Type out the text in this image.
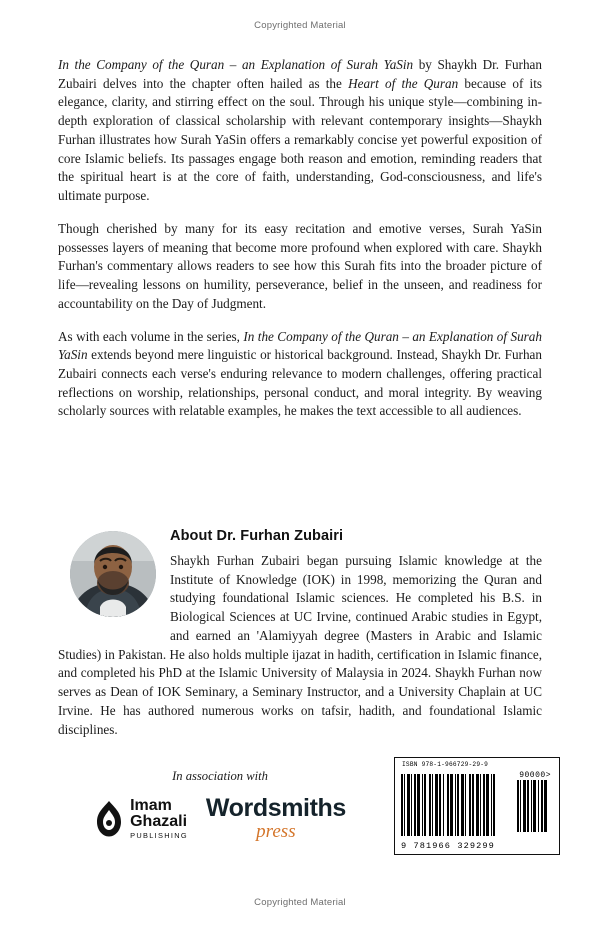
Copyrighted Material

In the Company of the Quran – an Explanation of Surah YaSin by Shaykh Dr. Furhan Zubairi delves into the chapter often hailed as the Heart of the Quran because of its elegance, clarity, and stirring effect on the soul. Through his unique style—combining in-depth exploration of classical scholarship with relevant contemporary insights—Shaykh Furhan illustrates how Surah YaSin offers a remarkably concise yet powerful exposition of core Islamic beliefs. Its passages engage both reason and emotion, reminding readers that the spiritual heart is at the core of faith, understanding, God-consciousness, and life's ultimate purpose.

Though cherished by many for its easy recitation and emotive verses, Surah YaSin possesses layers of meaning that become more profound when explored with care. Shaykh Furhan's commentary allows readers to see how this Surah fits into the broader picture of life—revealing lessons on humility, perseverance, belief in the unseen, and readiness for accountability on the Day of Judgment.

As with each volume in the series, In the Company of the Quran – an Explanation of Surah YaSin extends beyond mere linguistic or historical background. Instead, Shaykh Dr. Furhan Zubairi connects each verse's enduring relevance to modern challenges, offering practical reflections on worship, relationships, personal conduct, and moral integrity. By weaving scholarly sources with relatable examples, he makes the text accessible to all audiences.

About Dr. Furhan Zubairi

Shaykh Furhan Zubairi began pursuing Islamic knowledge at the Institute of Knowledge (IOK) in 1998, memorizing the Quran and studying foundational Islamic sciences. He completed his B.S. in Biological Sciences at UC Irvine, continued Arabic studies in Egypt, and earned an 'Alamiyyah degree (Masters in Arabic and Islamic Studies) in Pakistan. He also holds multiple ijazat in hadith, certification in Islamic finance, and completed his PhD at the Islamic University of Malaysia in 2024. Shaykh Furhan now serves as Dean of IOK Seminary, a Seminary Instructor, and a University Chaplain at UC Irvine. He has authored numerous works on tafsir, hadith, and foundational Islamic disciplines.

In association with
Imam
Ghazali
PUBLISHING
Wordsmiths
press
ISBN 978-1-966729-29-9
90000>
9 781966 329299
Copyrighted Material
